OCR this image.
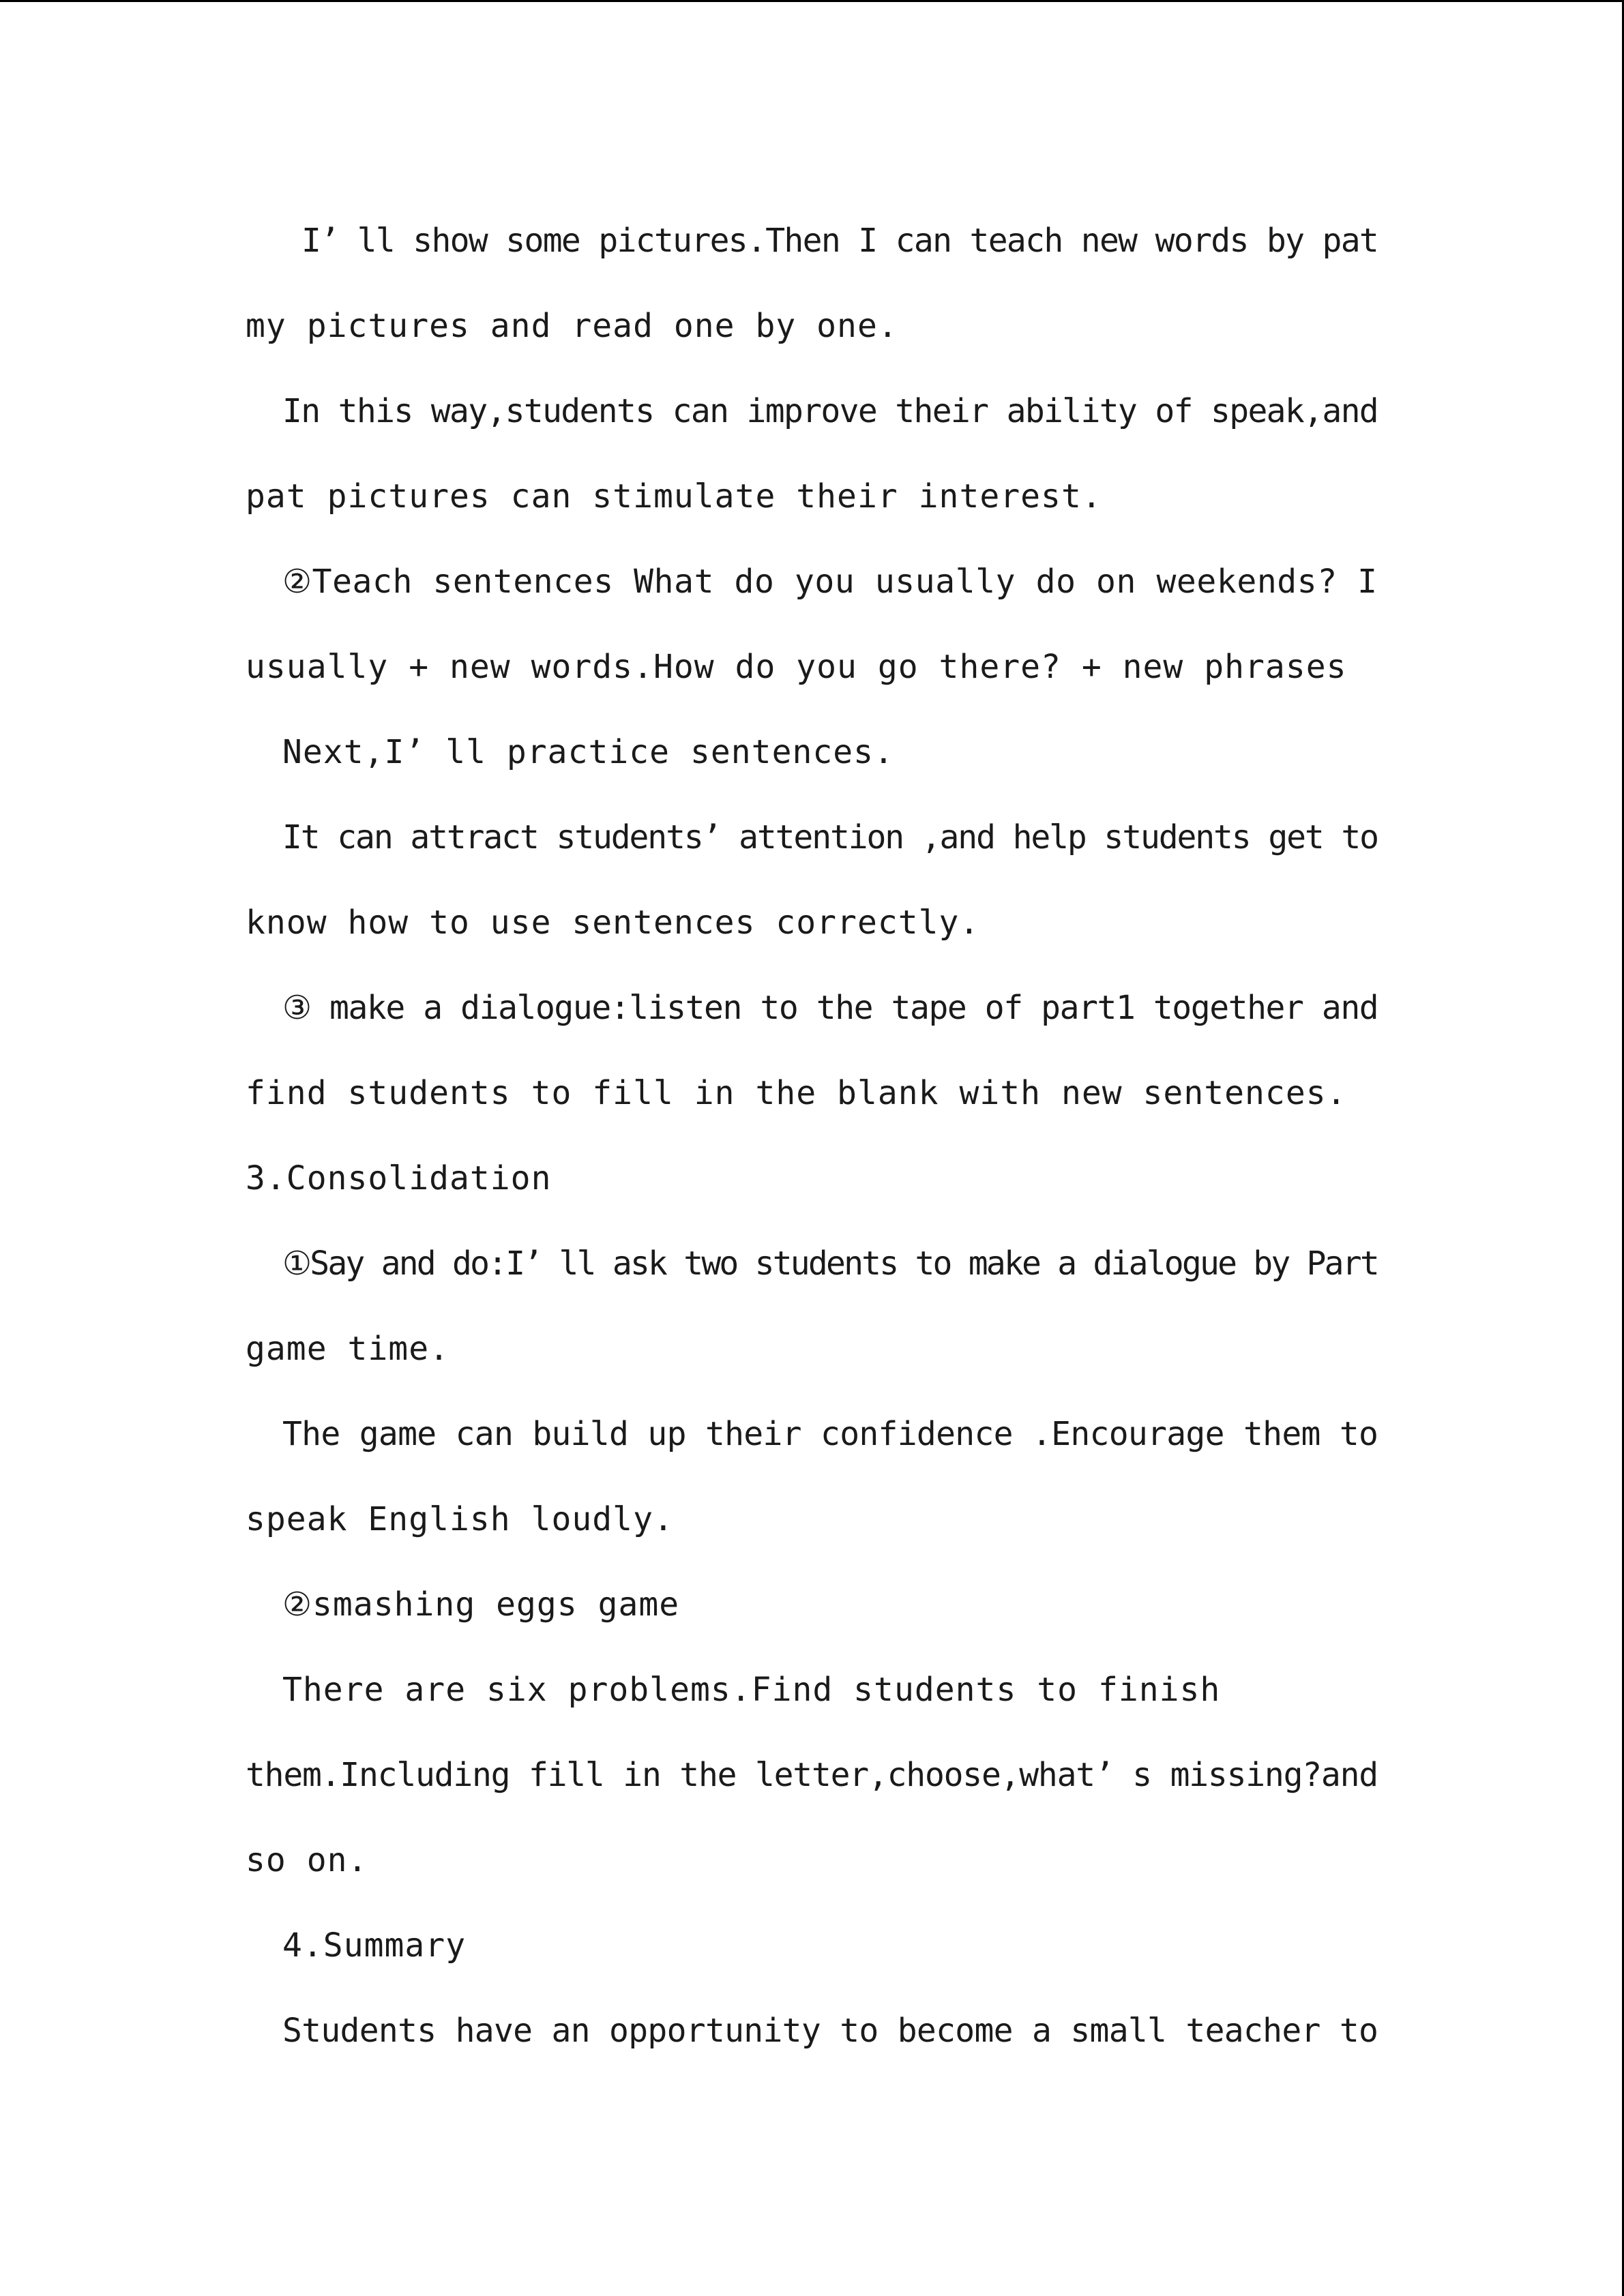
I’ ll show some pictures.Then I can teach new words by pat
my pictures and read one by one.
In this way,students can improve their ability of speak,and
pat pictures can stimulate their interest.
②Teach sentences What do you usually do on weekends? I
usually + new words.How do you go there? + new phrases
Next,I’ ll practice sentences.
It can attract students’ attention ,and help students get to
know how to use sentences correctly.
③ make a dialogue:listen to the tape of part1 together and
find students to fill in the blank with new sentences.
3.Consolidation
①Say and do:I’ ll ask two students to make a dialogue by Part
game time.
The game can build up their confidence .Encourage them to
speak English loudly.
②smashing eggs game
There are six problems.Find students to finish
them.Including fill in the letter,choose,what’ s missing?and
so on.
4.Summary
Students have an opportunity to become a small teacher to
